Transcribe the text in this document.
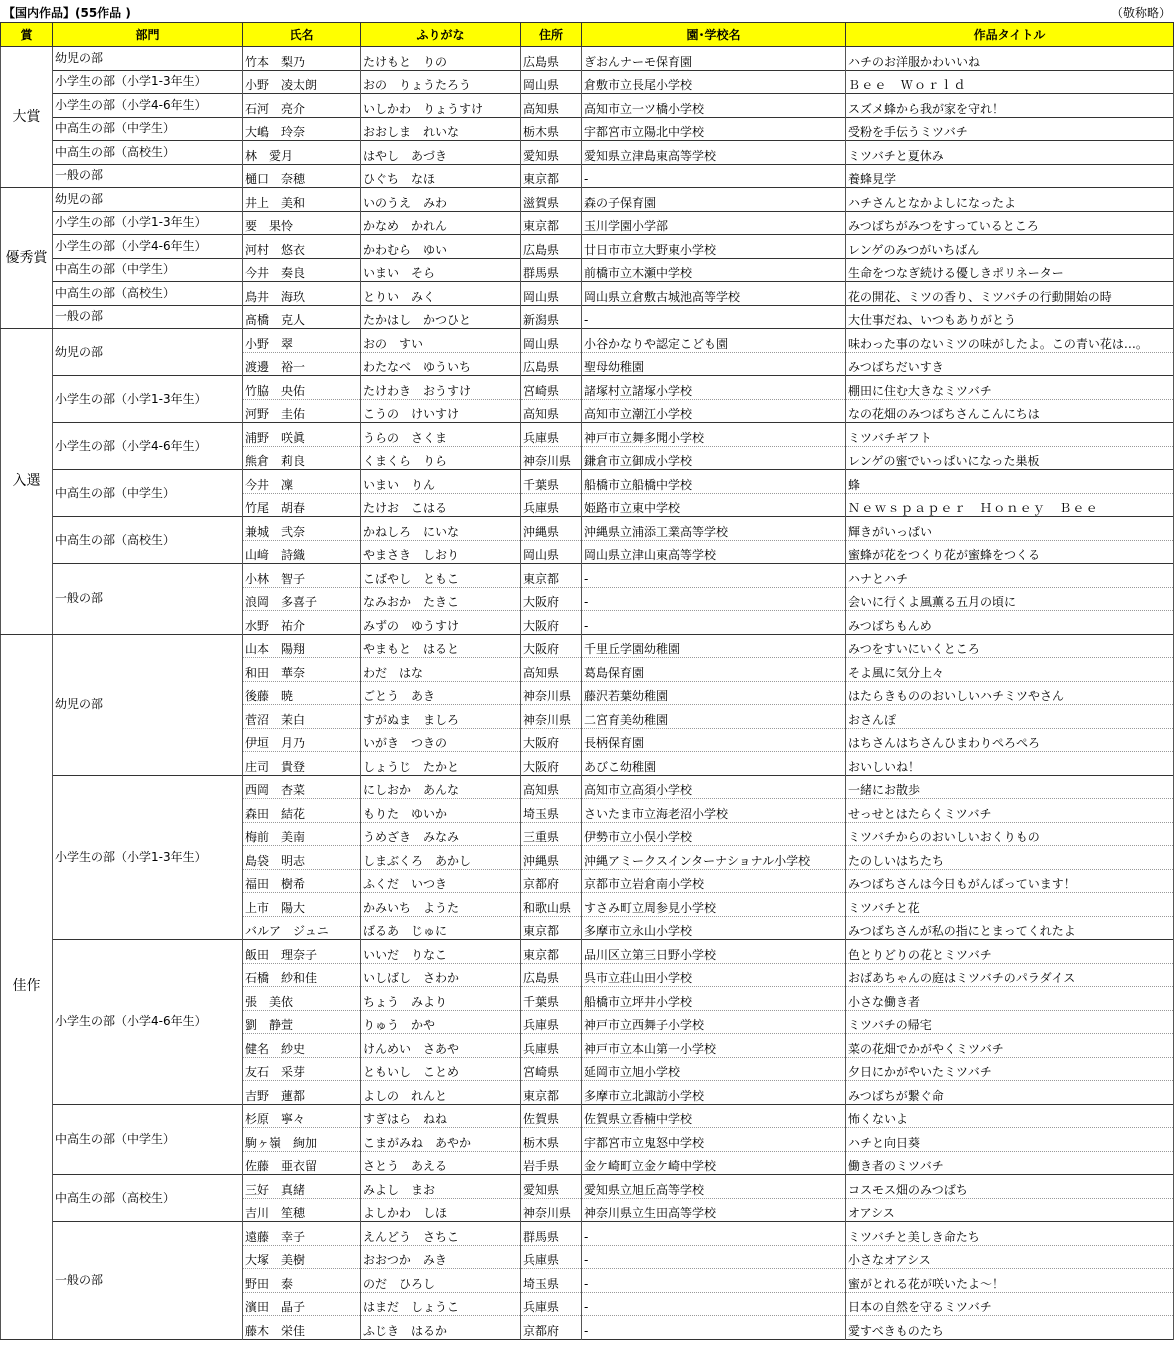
【国内作品】(55作品 )	（敬称略）
賞	部門	氏名	ふりがな	住所	園･学校名	作品タイトル
大賞	幼児の部	竹本　梨乃	たけもと　りの	広島県	ぎおんナーモ保育園	ハチのお洋服かわいいね
	小学生の部（小学1-3年生）	小野　凌太朗	おの　りょうたろう	岡山県	倉敷市立長尾小学校	Ｂｅｅ　Ｗｏｒｌｄ
	小学生の部（小学4-6年生）	石河　亮介	いしかわ　りょうすけ	高知県	高知市立一ツ橋小学校	スズメ蜂から我が家を守れ！
	中高生の部（中学生）	大嶋　玲奈	おおしま　れいな	栃木県	宇都宮市立陽北中学校	受粉を手伝うミツバチ
	中高生の部（高校生）	林　愛月	はやし　あづき	愛知県	愛知県立津島東高等学校	ミツバチと夏休み
	一般の部	樋口　奈穂	ひぐち　なほ	東京都	‐	養蜂見学
優秀賞	幼児の部	井上　美和	いのうえ　みわ	滋賀県	森の子保育園	ハチさんとなかよしになったよ
	小学生の部（小学1-3年生）	要　果怜	かなめ　かれん	東京都	玉川学園小学部	みつばちがみつをすっているところ
	小学生の部（小学4-6年生）	河村　悠衣	かわむら　ゆい	広島県	廿日市市立大野東小学校	レンゲのみつがいちばん
	中高生の部（中学生）	今井　奏良	いまい　そら	群馬県	前橋市立木瀬中学校	生命をつなぎ続ける優しきポリネーター
	中高生の部（高校生）	鳥井　海玖	とりい　みく	岡山県	岡山県立倉敷古城池高等学校	花の開花、ミツの香り、ミツバチの行動開始の時
	一般の部	髙橋　克人	たかはし　かつひと	新潟県	‐	大仕事だね、いつもありがとう
入選	幼児の部	小野　翠	おの　すい	岡山県	小谷かなりや認定こども園	味わった事のないミツの味がしたよ。この青い花は…。
		渡邊　裕一	わたなべ　ゆういち	広島県	聖母幼稚園	みつばちだいすき
	小学生の部（小学1-3年生）	竹脇　央佑	たけわき　おうすけ	宮崎県	諸塚村立諸塚小学校	棚田に住む大きなミツバチ
		河野　圭佑	こうの　けいすけ	高知県	高知市立潮江小学校	なの花畑のみつばちさんこんにちは
	小学生の部（小学4-6年生）	浦野　咲眞	うらの　さくま	兵庫県	神戸市立舞多聞小学校	ミツバチギフト
		熊倉　莉良	くまくら　りら	神奈川県	鎌倉市立御成小学校	レンゲの蜜でいっぱいになった巣板
	中高生の部（中学生）	今井　凜	いまい　りん	千葉県	船橋市立船橋中学校	蜂
		竹尾　胡春	たけお　こはる	兵庫県	姫路市立東中学校	Ｎｅｗｓｐａｐｅｒ　Ｈｏｎｅｙ　Ｂｅｅ
	中高生の部（高校生）	兼城　弐奈	かねしろ　にいな	沖縄県	沖縄県立浦添工業高等学校	輝きがいっぱい
		山﨑　詩織	やまさき　しおり	岡山県	岡山県立津山東高等学校	蜜蜂が花をつくり花が蜜蜂をつくる
	一般の部	小林　智子	こばやし　ともこ	東京都	‐	ハナとハチ
		浪岡　多喜子	なみおか　たきこ	大阪府	‐	会いに行くよ風薫る五月の頃に
		水野　祐介	みずの　ゆうすけ	大阪府	‐	みつばちもんめ
佳作	幼児の部	山本　陽翔	やまもと　はると	大阪府	千里丘学園幼稚園	みつをすいにいくところ
		和田　華奈	わだ　はな	高知県	葛島保育園	そよ風に気分上々
		後藤　暁	ごとう　あき	神奈川県	藤沢若葉幼稚園	はたらきもののおいしいハチミツやさん
		菅沼　茉白	すがぬま　ましろ	神奈川県	二宮育美幼稚園	おさんぽ
		伊垣　月乃	いがき　つきの	大阪府	長柄保育園	はちさんはちさんひまわりぺろぺろ
		庄司　貴登	しょうじ　たかと	大阪府	あびこ幼稚園	おいしいね！
	小学生の部（小学1-3年生）	西岡　杏菜	にしおか　あんな	高知県	高知市立高須小学校	一緒にお散歩
		森田　結花	もりた　ゆいか	埼玉県	さいたま市立海老沼小学校	せっせとはたらくミツバチ
		梅前　美南	うめざき　みなみ	三重県	伊勢市立小俣小学校	ミツバチからのおいしいおくりもの
		島袋　明志	しまぶくろ　あかし	沖縄県	沖縄アミークスインターナショナル小学校	たのしいはちたち
		福田　樹希	ふくだ　いつき	京都府	京都市立岩倉南小学校	みつばちさんは今日もがんばっています！
		上市　陽大	かみいち　ようた	和歌山県	すさみ町立周参見小学校	ミツバチと花
		バルア　ジュニ	ばるあ　じゅに	東京都	多摩市立永山小学校	みつばちさんが私の指にとまってくれたよ
	小学生の部（小学4-6年生）	飯田　理奈子	いいだ　りなこ	東京都	品川区立第三日野小学校	色とりどりの花とミツバチ
		石橋　紗和佳	いしばし　さわか	広島県	呉市立荘山田小学校	おばあちゃんの庭はミツバチのパラダイス
		張　美依	ちょう　みより	千葉県	船橋市立坪井小学校	小さな働き者
		劉　静萱	りゅう　かや	兵庫県	神戸市立西舞子小学校	ミツバチの帰宅
		健名　紗史	けんめい　さあや	兵庫県	神戸市立本山第一小学校	菜の花畑でかがやくミツバチ
		友石　采芽	ともいし　ことめ	宮崎県	延岡市立旭小学校	夕日にかがやいたミツバチ
		吉野　蓮都	よしの　れんと	東京都	多摩市立北諏訪小学校	みつばちが繋ぐ命
	中高生の部（中学生）	杉原　寧々	すぎはら　ねね	佐賀県	佐賀県立香楠中学校	怖くないよ
		駒ヶ嶺　絢加	こまがみね　あやか	栃木県	宇都宮市立鬼怒中学校	ハチと向日葵
		佐藤　亜衣留	さとう　あえる	岩手県	金ケ崎町立金ケ崎中学校	働き者のミツバチ
	中高生の部（高校生）	三好　真緒	みよし　まお	愛知県	愛知県立旭丘高等学校	コスモス畑のみつばち
		吉川　笙穂	よしかわ　しほ	神奈川県	神奈川県立生田高等学校	オアシス
	一般の部	遠藤　幸子	えんどう　さちこ	群馬県	‐	ミツバチと美しき命たち
		大塚　美樹	おおつか　みき	兵庫県	‐	小さなオアシス
		野田　泰	のだ　ひろし	埼玉県	‐	蜜がとれる花が咲いたよ～！
		濱田　晶子	はまだ　しょうこ	兵庫県	‐	日本の自然を守るミツバチ
		藤木　栄佳	ふじき　はるか	京都府	‐	愛すべきものたち
